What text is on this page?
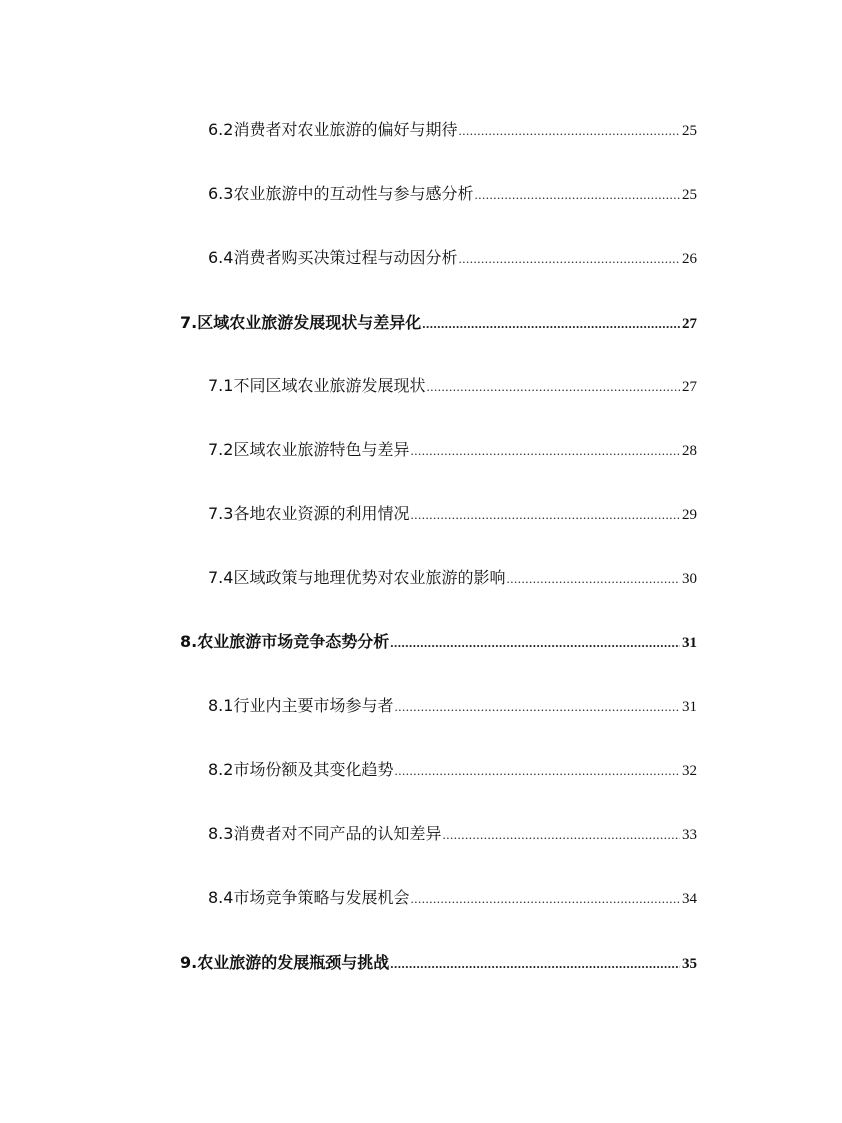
6.2 消费者对农业旅游的偏好与期待 .....	25
6.3 农业旅游中的互动性与参与感分析 .....	25
6.4 消费者购买决策过程与动因分析 .....	26
7. 区域农业旅游发展现状与差异化 .....	27
7.1 不同区域农业旅游发展现状 .....	27
7.2 区域农业旅游特色与差异 .....	28
7.3 各地农业资源的利用情况 .....	29
7.4 区域政策与地理优势对农业旅游的影响 .....	30
8. 农业旅游市场竞争态势分析 .....	31
8.1 行业内主要市场参与者 .....	31
8.2 市场份额及其变化趋势 .....	32
8.3 消费者对不同产品的认知差异 .....	33
8.4 市场竞争策略与发展机会 .....	34
9. 农业旅游的发展瓶颈与挑战 .....	35
